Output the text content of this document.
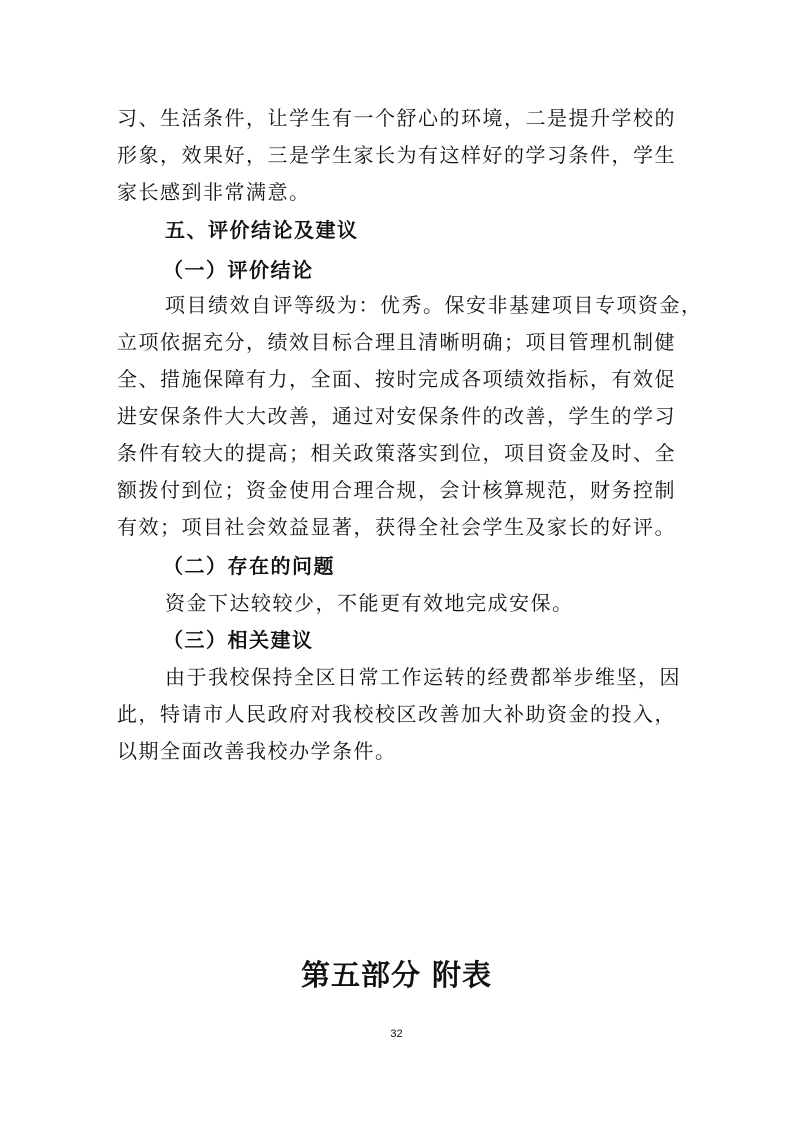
习、生活条件，让学生有一个舒心的环境，二是提升学校的
形象，效果好，三是学生家长为有这样好的学习条件，学生
家长感到非常满意。
五、评价结论及建议
（一）评价结论
项目绩效自评等级为：优秀。保安非基建项目专项资金，
立项依据充分，绩效目标合理且清晰明确；项目管理机制健
全、措施保障有力，全面、按时完成各项绩效指标，有效促
进安保条件大大改善，通过对安保条件的改善，学生的学习
条件有较大的提高；相关政策落实到位，项目资金及时、全
额拨付到位；资金使用合理合规，会计核算规范，财务控制
有效；项目社会效益显著，获得全社会学生及家长的好评。
（二）存在的问题
资金下达较较少，不能更有效地完成安保。
（三）相关建议
由于我校保持全区日常工作运转的经费都举步维坚，因
此，特请市人民政府对我校校区改善加大补助资金的投入，
以期全面改善我校办学条件。
第五部分 附表
32
